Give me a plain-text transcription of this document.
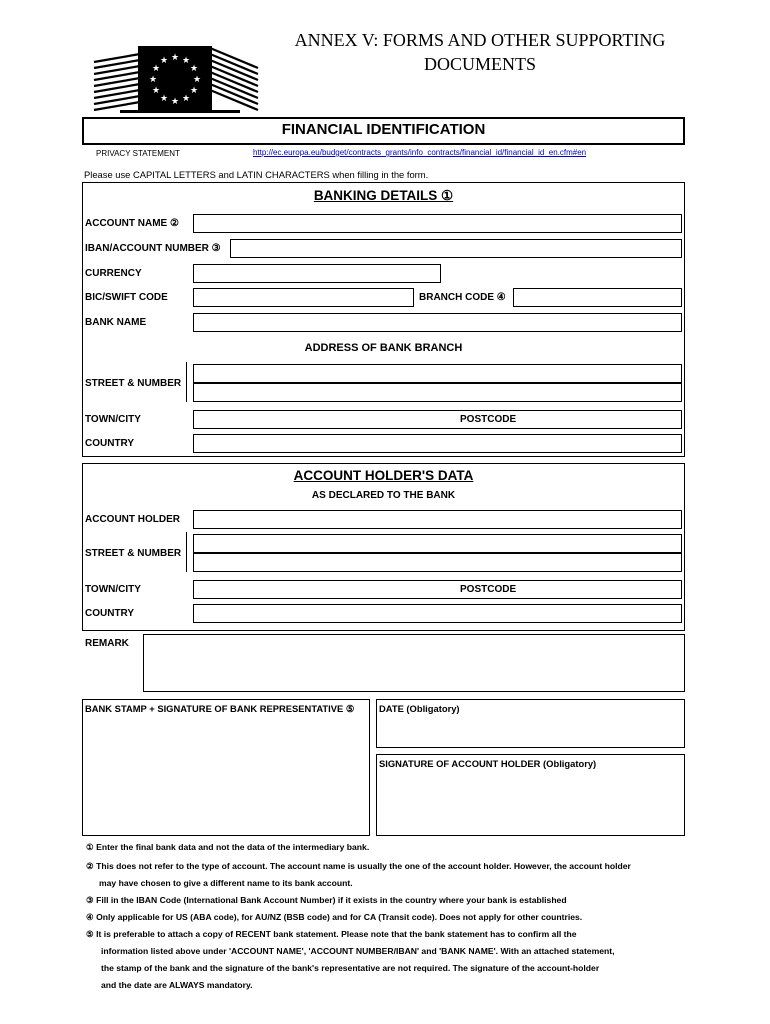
★ ★
★
★
★
★
★
★
★
★
★
★
ANNEX V: FORMS AND OTHER SUPPORTING
DOCUMENTS
FINANCIAL IDENTIFICATION
PRIVACY STATEMENT	http://ec.europa.eu/budget/contracts_grants/info_contracts/financial_id/financial_id_en.cfm#en
Please use CAPITAL LETTERS and LATIN CHARACTERS when filling in the form.
BANKING DETAILS ①
ACCOUNT NAME ②
IBAN/ACCOUNT NUMBER ③
CURRENCY
BIC/SWIFT CODE	BRANCH CODE ④
BANK NAME
ADDRESS OF BANK BRANCH
STREET & NUMBER
TOWN/CITY	POSTCODE
COUNTRY
ACCOUNT HOLDER'S DATA
AS DECLARED TO THE BANK
ACCOUNT HOLDER
STREET & NUMBER
TOWN/CITY	POSTCODE
COUNTRY
REMARK
BANK STAMP + SIGNATURE OF BANK REPRESENTATIVE ⑤	DATE (Obligatory)
SIGNATURE OF ACCOUNT HOLDER (Obligatory)
① Enter the final bank data and not the data of the intermediary bank.
② This does not refer to the type of account. The account name is usually the one of the account holder. However, the account holder
may have chosen to give a different name to its bank account.
③ Fill in the IBAN Code (International Bank Account Number) if it exists in the country where your bank is established
④ Only applicable for US (ABA code), for AU/NZ (BSB code) and for CA (Transit code). Does not apply for other countries.
⑤ It is preferable to attach a copy of RECENT bank statement. Please note that the bank statement has to confirm all the
information listed above under 'ACCOUNT NAME', 'ACCOUNT NUMBER/IBAN' and 'BANK NAME'. With an attached statement,
the stamp of the bank and the signature of the bank's representative are not required. The signature of the account-holder
and the date are ALWAYS mandatory.
